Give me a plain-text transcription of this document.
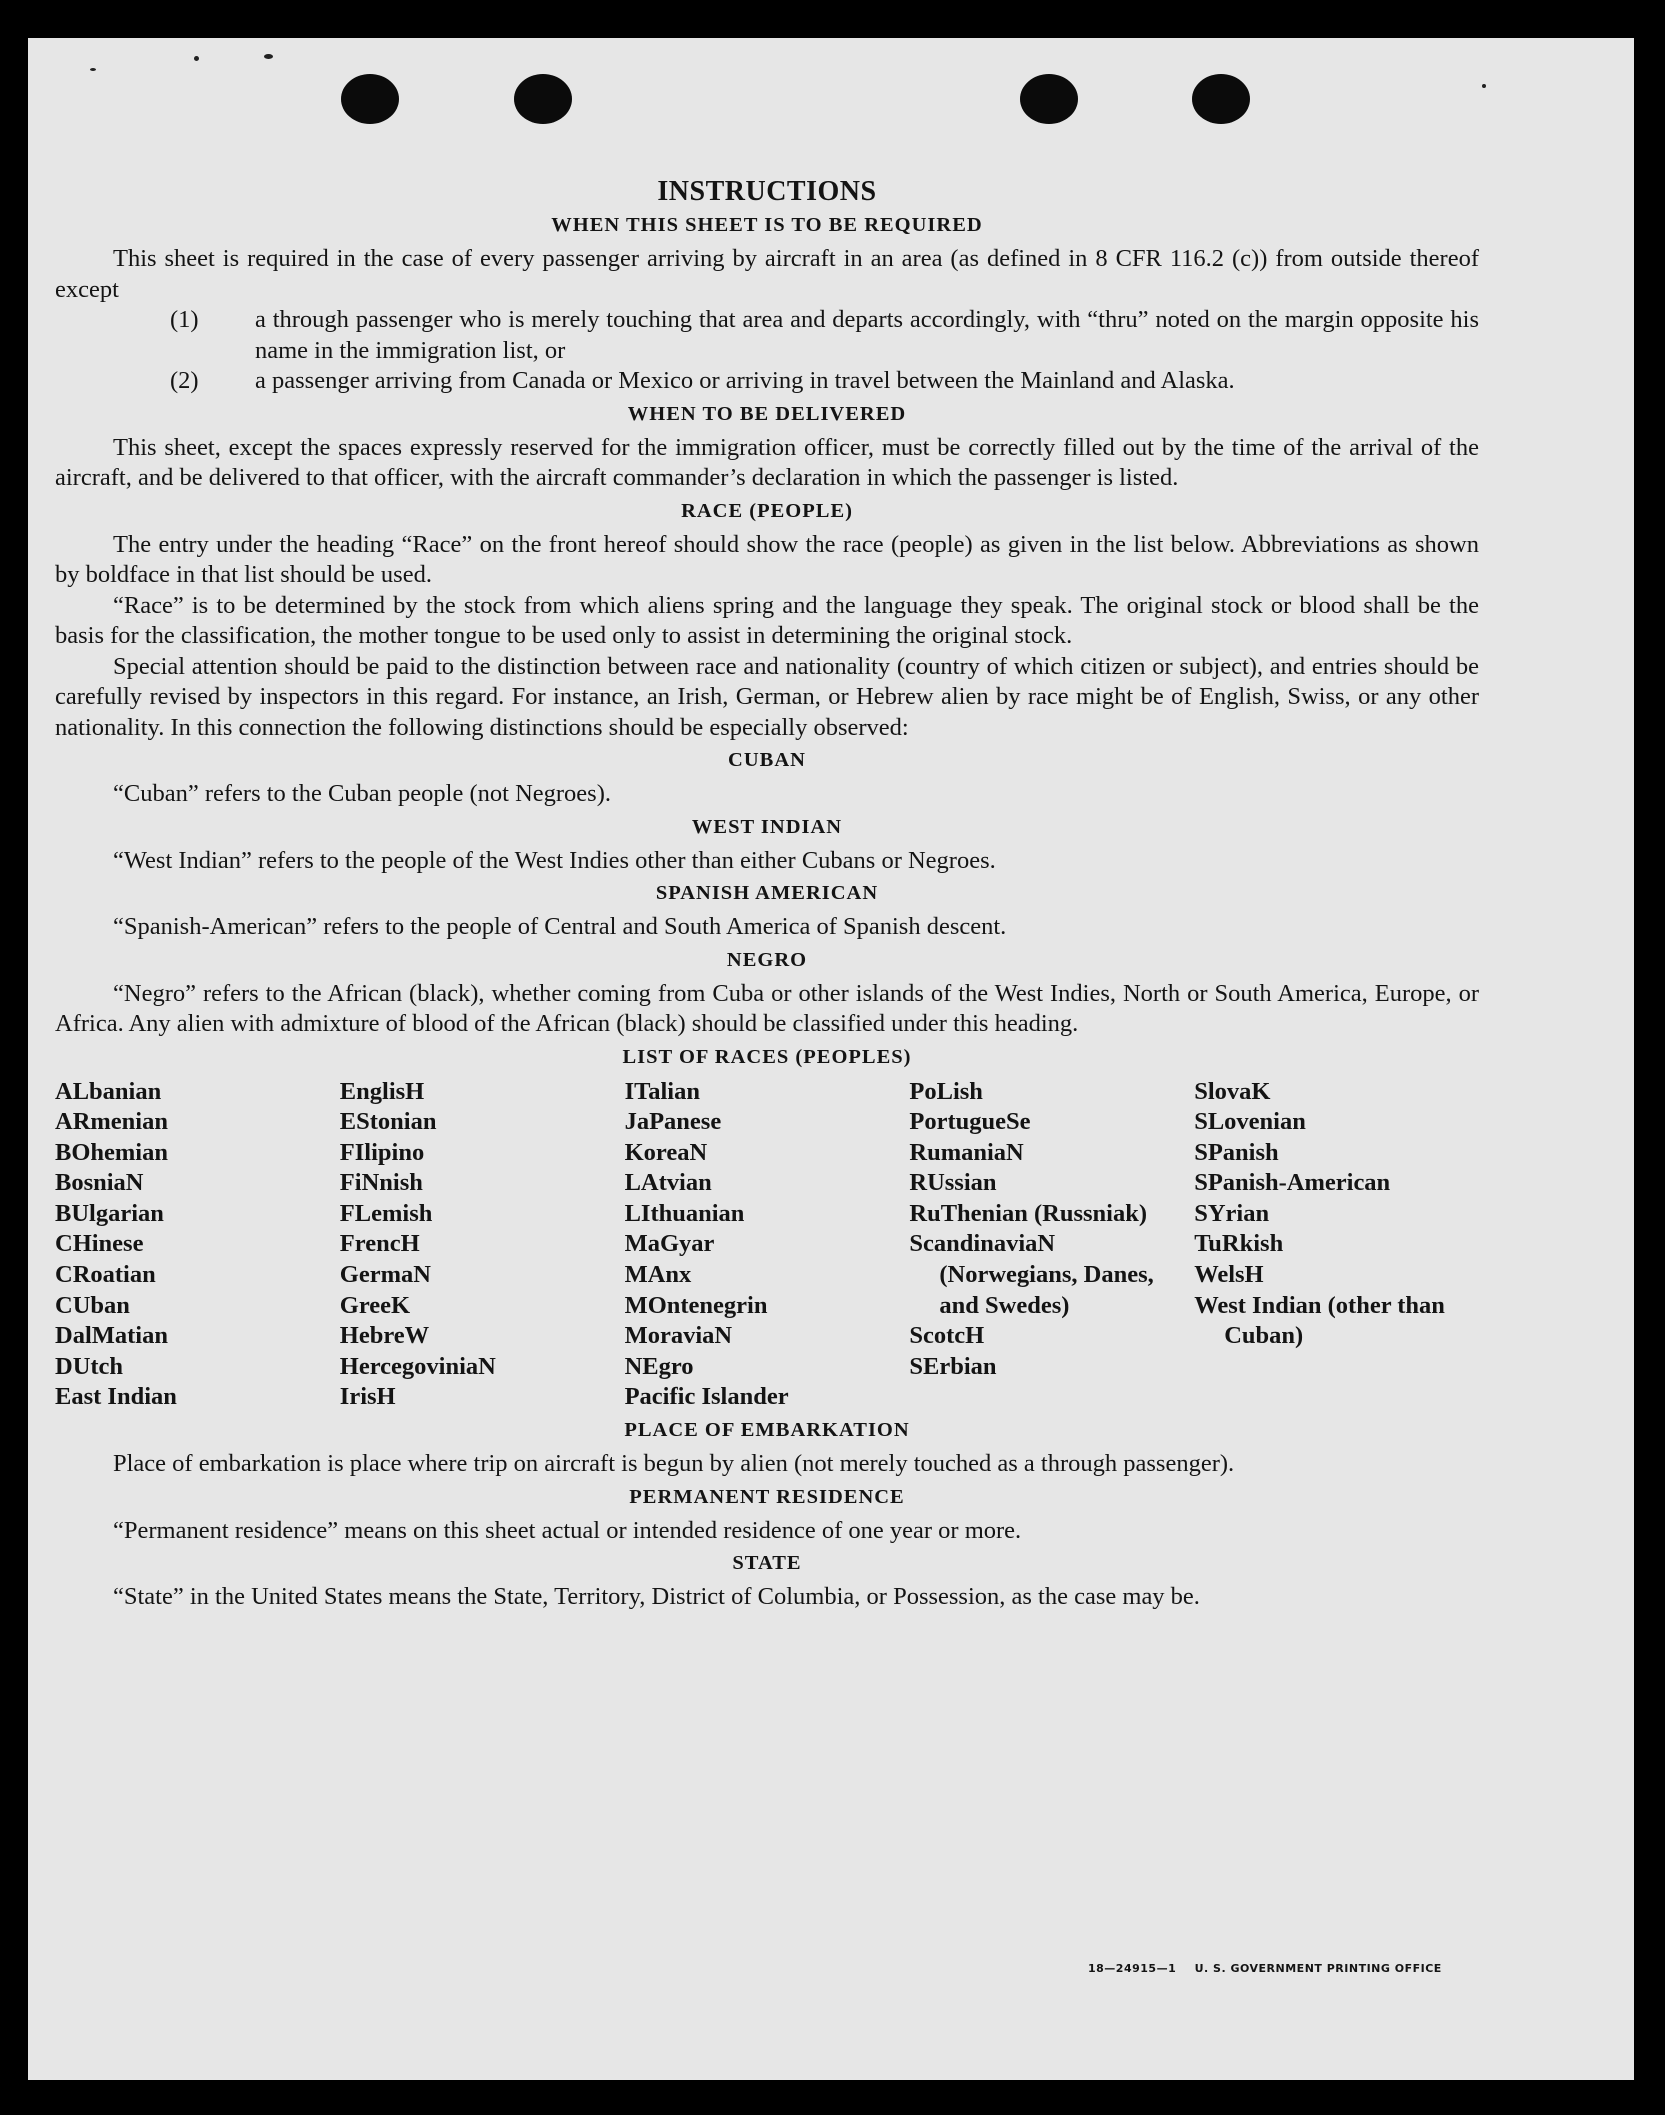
INSTRUCTIONS
WHEN THIS SHEET IS TO BE REQUIRED

This sheet is required in the case of every passenger arriving by aircraft in an area (as defined in 8 CFR 116.2 (c)) from outside thereof except

(1) a through passenger who is merely touching that area and departs accordingly, with “thru” noted on the margin opposite his name in the immigration list, or
(2) a passenger arriving from Canada or Mexico or arriving in travel between the Mainland and Alaska.
WHEN TO BE DELIVERED

This sheet, except the spaces expressly reserved for the immigration officer, must be correctly filled out by the time of the arrival of the aircraft, and be delivered to that officer, with the aircraft commander’s declaration in which the passenger is listed.

RACE (PEOPLE)

The entry under the heading “Race” on the front hereof should show the race (people) as given in the list below. Abbreviations as shown by boldface in that list should be used.

“Race” is to be determined by the stock from which aliens spring and the language they speak. The original stock or blood shall be the basis for the classification, the mother tongue to be used only to assist in determining the original stock.

Special attention should be paid to the distinction between race and nationality (country of which citizen or subject), and entries should be carefully revised by inspectors in this regard. For instance, an Irish, German, or Hebrew alien by race might be of English, Swiss, or any other nationality. In this connection the following distinctions should be especially observed:

CUBAN

“Cuban” refers to the Cuban people (not Negroes).

WEST INDIAN

“West Indian” refers to the people of the West Indies other than either Cubans or Negroes.

SPANISH AMERICAN

“Spanish-American” refers to the people of Central and South America of Spanish descent.

NEGRO

“Negro” refers to the African (black), whether coming from Cuba or other islands of the West Indies, North or South America, Europe, or Africa. Any alien with admixture of blood of the African (black) should be classified under this heading.

LIST OF RACES (PEOPLES)
ALbanian
ARmenian
BOhemian
BosniaN
BUlgarian
CHinese
CRoatian
CUban
DalMatian
DUtch
East Indian
EnglisH
EStonian
FIlipino
FiNnish
FLemish
FrencH
GermaN
GreeK
HebreW
HercegoviniaN
IrisH
ITalian
JaPanese
KoreaN
LAtvian
LIthuanian
MaGyar
MAnx
MOntenegrin
MoraviaN
NEgro
Pacific Islander
PoLish
PortugueSe
RumaniaN
RUssian
RuThenian (Russniak)
ScandinaviaN (Norwegians, Danes, and Swedes)
ScotcH
SErbian
SlovaK
SLovenian
SPanish
SPanish-American
SYrian
TuRkish
WelsH
West Indian (other than Cuban)
PLACE OF EMBARKATION

Place of embarkation is place where trip on aircraft is begun by alien (not merely touched as a through passenger).

PERMANENT RESIDENCE

“Permanent residence” means on this sheet actual or intended residence of one year or more.

STATE

“State” in the United States means the State, Territory, District of Columbia, or Possession, as the case may be.

18—24915—1 U. S. GOVERNMENT PRINTING OFFICE
